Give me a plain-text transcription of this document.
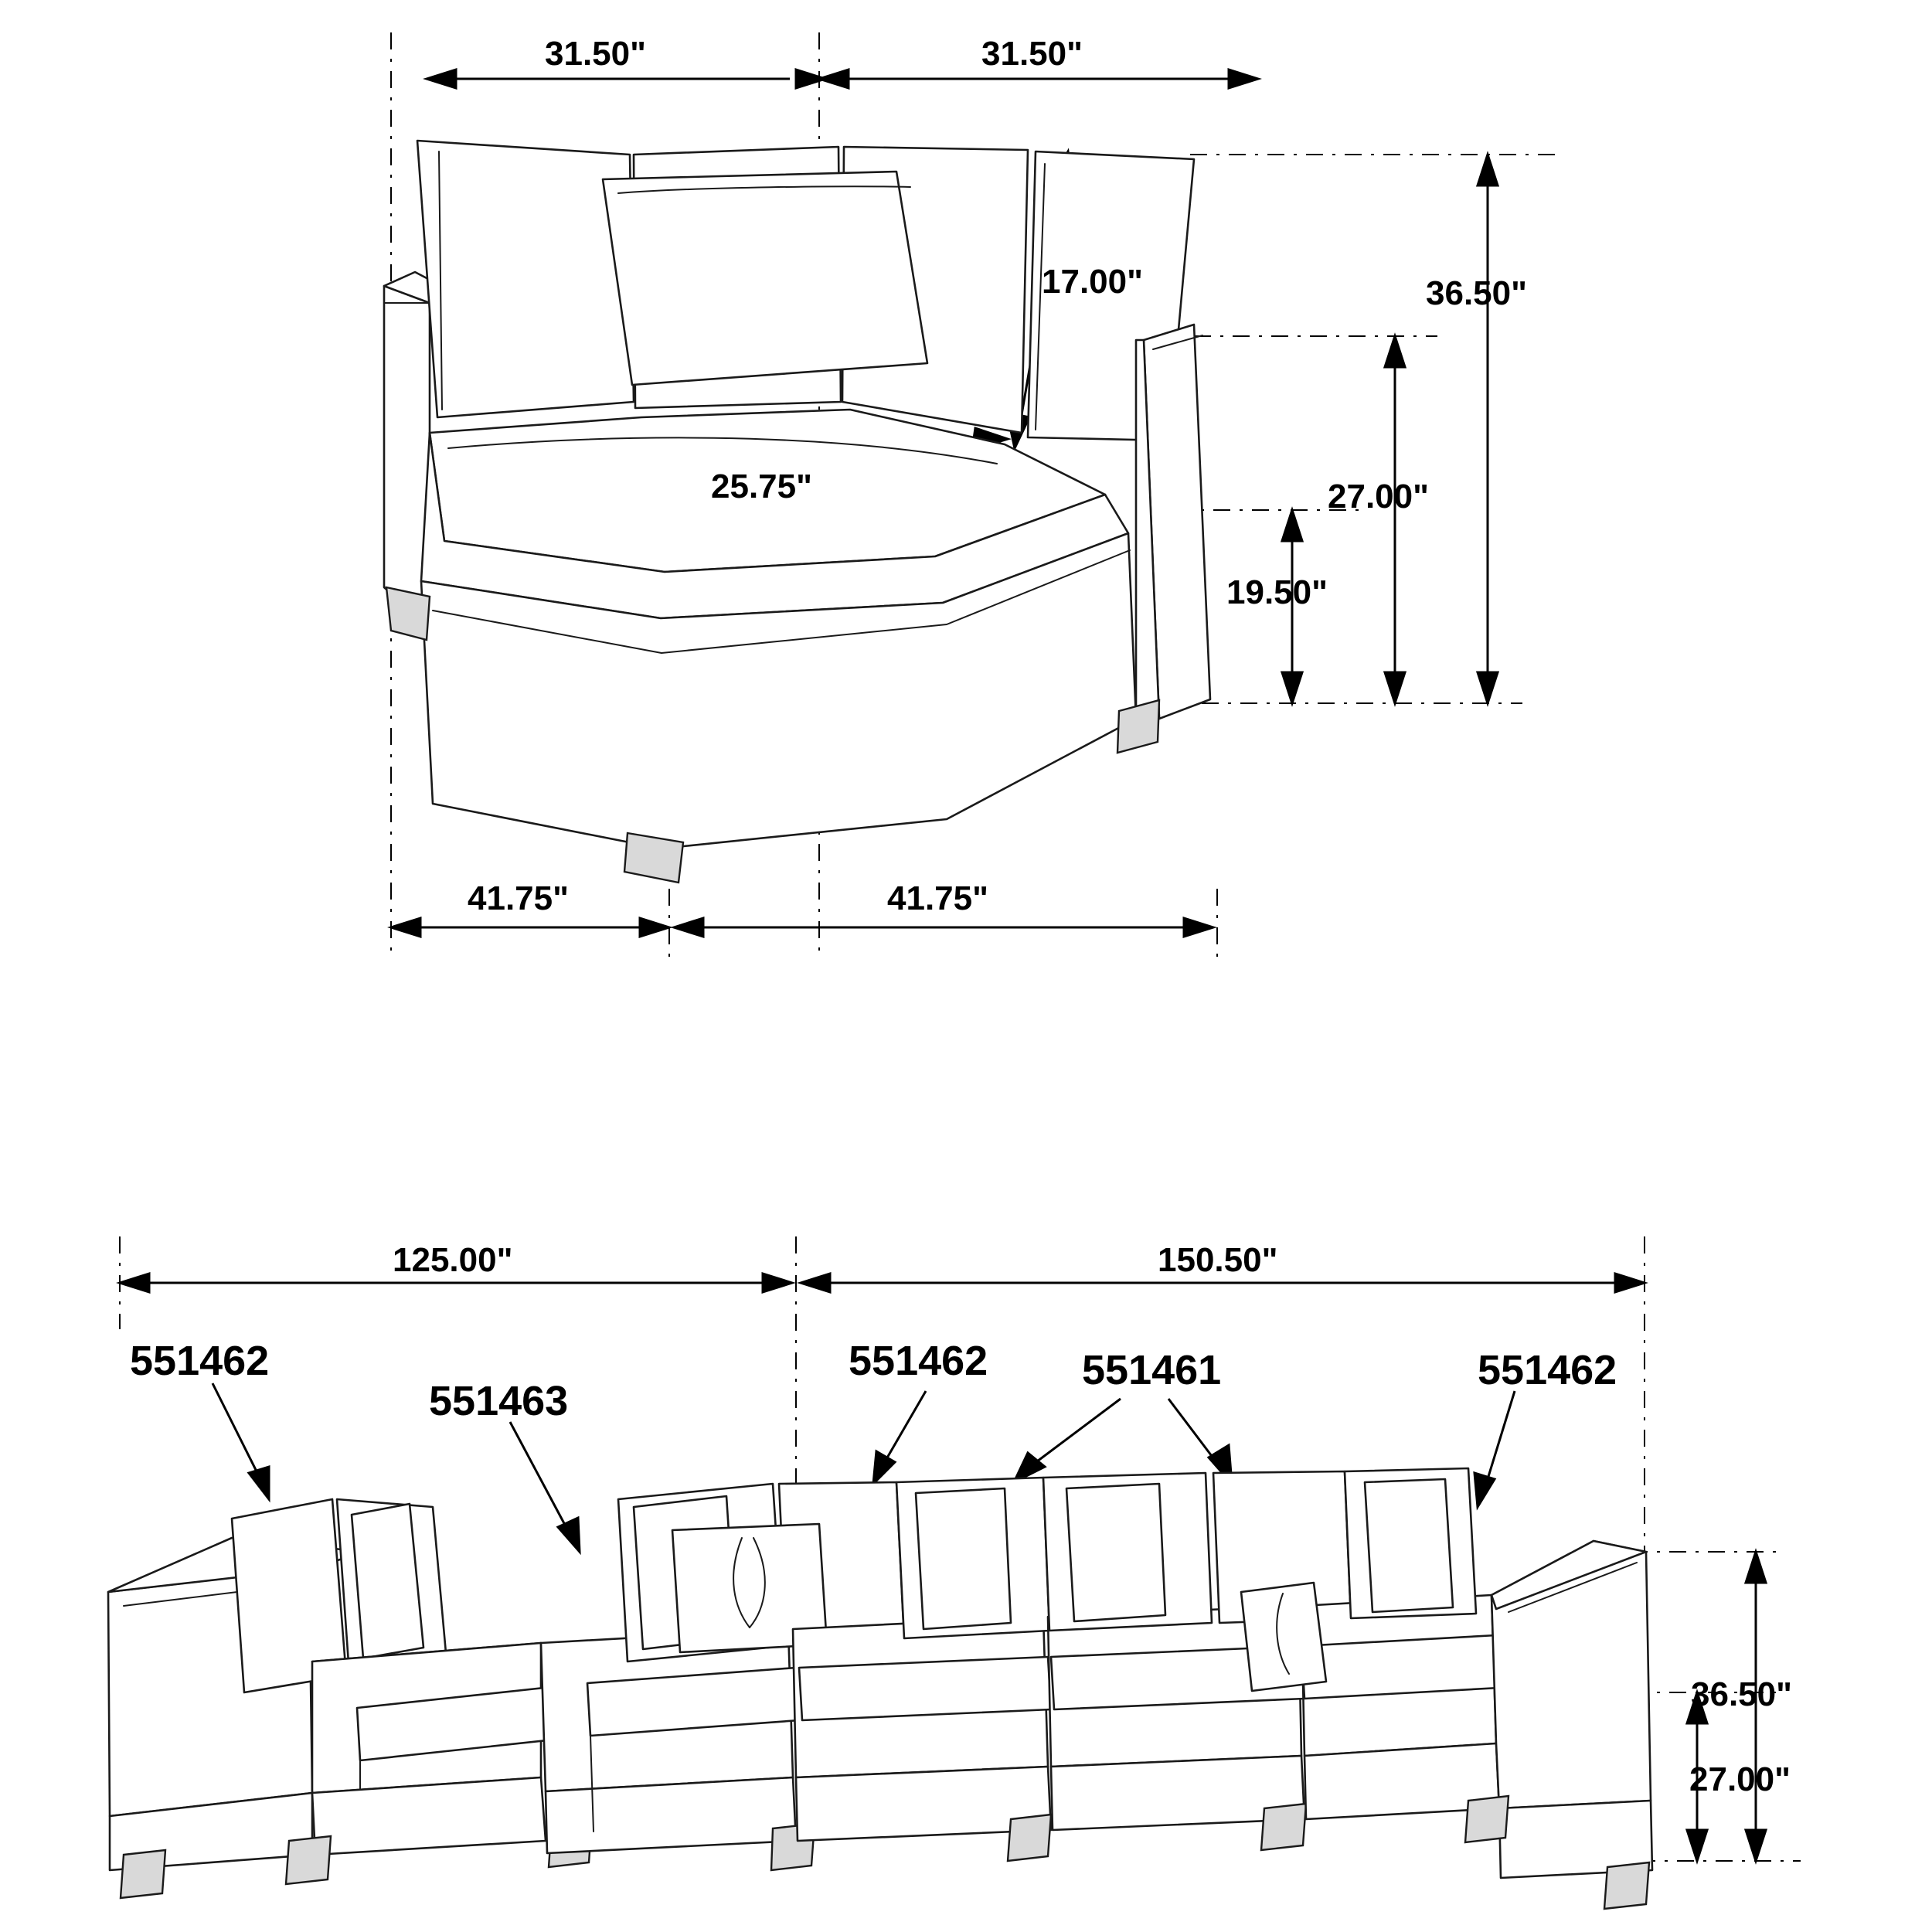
31.50"	31.50"
17.00"
25.75"
36.50"
27.00"
19.50"
41.75"	41.75"
125.00"	150.50"
36.50"
27.00"
551462
551463
551462 551461	551462
